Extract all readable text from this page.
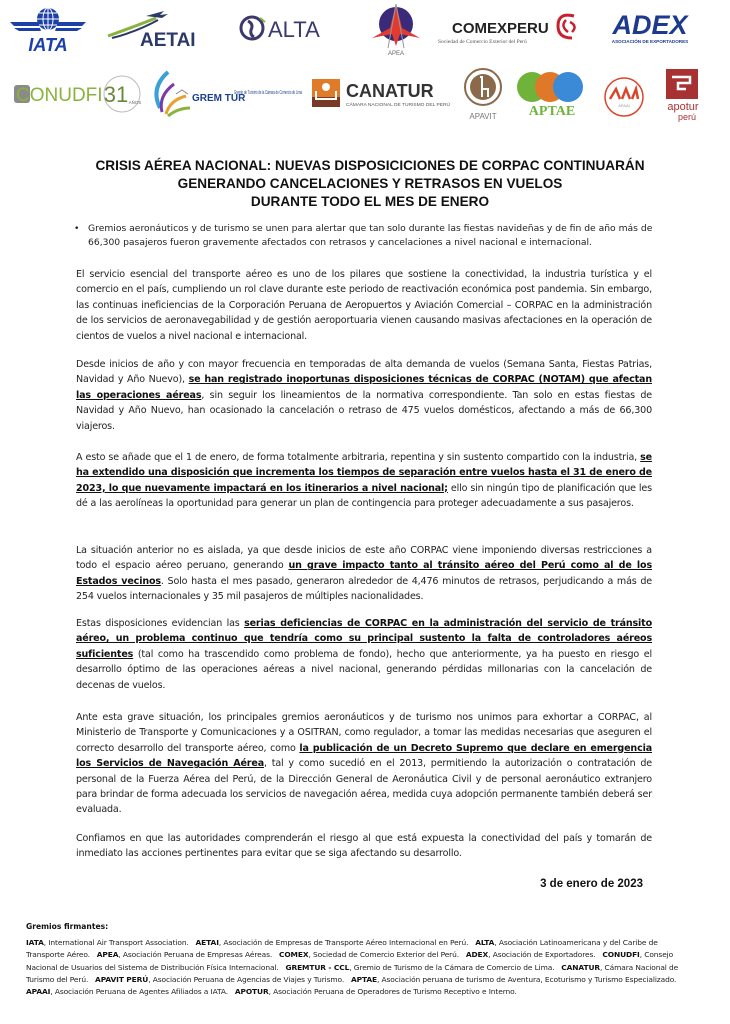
IATA	AETAI	ALTA
APEA
COMEXPERU
Sociedad de Comercio Exterior del Perú
ADEX
ASOCIACIÓN DE EXPORTADORES
CONUDFI 31 AÑOS	GREM TUR
Gremio de Turismo de la Cámara de Comercio de Lima CANATUR
CÁMARA NACIONAL DE TURISMO DEL PERÚ
APAVIT APTAE	APAAI	apotur
perú
CRISIS AÉREA NACIONAL: NUEVAS DISPOSICICIONES DE CORPAC CONTINUARÁN
GENERANDO CANCELACIONES Y RETRASOS EN VUELOS
DURANTE TODO EL MES DE ENERO
• Gremios aeronáuticos y de turismo se unen para alertar que tan solo durante las fiestas navideñas y de fin de año más de 66,300 pasajeros fueron gravemente afectados con retrasos y cancelaciones a nivel nacional e internacional.
El servicio esencial del transporte aéreo es uno de los pilares que sostiene la conectividad, la industria turística y el comercio en el país, cumpliendo un rol clave durante este periodo de reactivación económica post pandemia. Sin embargo, las continuas ineficiencias de la Corporación Peruana de Aeropuertos y Aviación Comercial – CORPAC en la administración de los servicios de aeronavegabilidad y de gestión aeroportuaria vienen causando masivas afectaciones en la operación de cientos de vuelos a nivel nacional e internacional.
Desde inicios de año y con mayor frecuencia en temporadas de alta demanda de vuelos (Semana Santa, Fiestas Patrias, Navidad y Año Nuevo), se han registrado inoportunas disposiciones técnicas de CORPAC (NOTAM) que afectan las operaciones aéreas, sin seguir los lineamientos de la normativa correspondiente. Tan solo en estas fiestas de Navidad y Año Nuevo, han ocasionado la cancelación o retraso de 475 vuelos domésticos, afectando a más de 66,300 viajeros.
A esto se añade que el 1 de enero, de forma totalmente arbitraria, repentina y sin sustento compartido con la industria, se ha extendido una disposición que incrementa los tiempos de separación entre vuelos hasta el 31 de enero de 2023, lo que nuevamente impactará en los itinerarios a nivel nacional; ello sin ningún tipo de planificación que les dé a las aerolíneas la oportunidad para generar un plan de contingencia para proteger adecuadamente a sus pasajeros.
La situación anterior no es aislada, ya que desde inicios de este año CORPAC viene imponiendo diversas restricciones a todo el espacio aéreo peruano, generando un grave impacto tanto al tránsito aéreo del Perú como al de los Estados vecinos. Solo hasta el mes pasado, generaron alrededor de 4,476 minutos de retrasos, perjudicando a más de 254 vuelos internacionales y 35 mil pasajeros de múltiples nacionalidades.
Estas disposiciones evidencian las serias deficiencias de CORPAC en la administración del servicio de tránsito aéreo, un problema continuo que tendría como su principal sustento la falta de controladores aéreos suficientes (tal como ha trascendido como problema de fondo), hecho que anteriormente, ya ha puesto en riesgo el desarrollo óptimo de las operaciones aéreas a nivel nacional, generando pérdidas millonarias con la cancelación de decenas de vuelos.
Ante esta grave situación, los principales gremios aeronáuticos y de turismo nos unimos para exhortar a CORPAC, al Ministerio de Transporte y Comunicaciones y a OSITRAN, como regulador, a tomar las medidas necesarias que aseguren el correcto desarrollo del transporte aéreo, como la publicación de un Decreto Supremo que declare en emergencia los Servicios de Navegación Aérea, tal y como sucedió en el 2013, permitiendo la autorización o contratación de personal de la Fuerza Aérea del Perú, de la Dirección General de Aeronáutica Civil y de personal aeronáutico extranjero para brindar de forma adecuada los servicios de navegación aérea, medida cuya adopción permanente también deberá ser evaluada.
Confiamos en que las autoridades comprenderán el riesgo al que está expuesta la conectividad del país y tomarán de inmediato las acciones pertinentes para evitar que se siga afectando su desarrollo.
3 de enero de 2023
Gremios firmantes:
IATA, International Air Transport Association. AETAI, Asociación de Empresas de Transporte Aéreo Internacional en Perú. ALTA, Asociación Latinoamericana y del Caribe de Transporte Aéreo. APEA, Asociación Peruana de Empresas Aéreas. COMEX, Sociedad de Comercio Exterior del Perú. ADEX, Asociación de Exportadores. CONUDFI, Consejo Nacional de Usuarios del Sistema de Distribución Física Internacional. GREMTUR - CCL, Gremio de Turismo de la Cámara de Comercio de Lima. CANATUR, Cámara Nacional de Turismo del Perú. APAVIT PERÚ, Asociación Peruana de Agencias de Viajes y Turismo. APTAE, Asociación peruana de turismo de Aventura, Ecoturismo y Turismo Especializado.   APAAI, Asociación Peruana de Agentes Afiliados a IATA. APOTUR, Asociación Peruana de Operadores de Turismo Receptivo e Interno.
